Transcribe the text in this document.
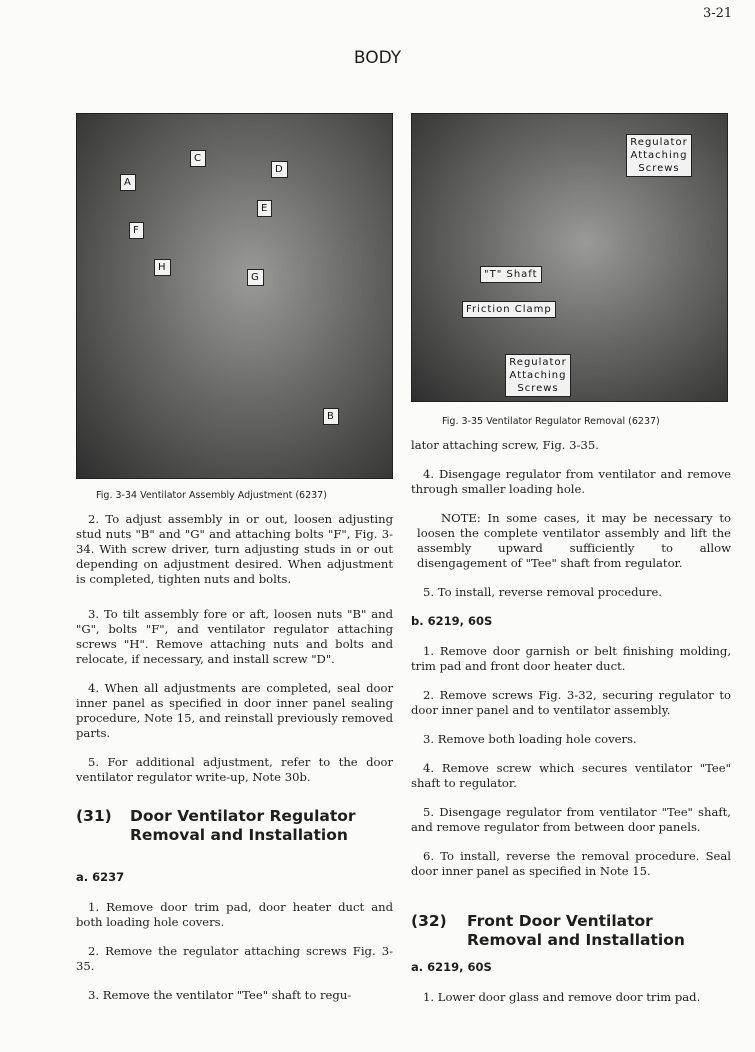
3-21
BODY
A
C
D
E
F
H
G
B
Fig. 3-34 Ventilator Assembly Adjustment (6237)
Regulator Attaching Screws
"T" Shaft
Friction Clamp
Regulator Attaching Screws
Fig. 3-35 Ventilator Regulator Removal (6237)

2. To adjust assembly in or out, loosen adjusting stud nuts "B" and "G" and attaching bolts "F", Fig. 3-34. With screw driver, turn adjusting studs in or out depending on adjustment desired. When adjustment is completed, tighten nuts and bolts.

3. To tilt assembly fore or aft, loosen nuts "B" and "G", bolts "F", and ventilator regulator attaching screws "H". Remove attaching nuts and bolts and relocate, if necessary, and install screw "D".

4. When all adjustments are completed, seal door inner panel as specified in door inner panel sealing procedure, Note 15, and reinstall previously removed parts.

5. For additional adjustment, refer to the door ventilator regulator write-up, Note 30b.

(31) Door Ventilator Regulator
Removal and Installation
a. 6237

1. Remove door trim pad, door heater duct and both loading hole covers.

2. Remove the regulator attaching screws Fig. 3-35.

3. Remove the ventilator "Tee" shaft to regu-

lator attaching screw, Fig. 3-35.

4. Disengage regulator from ventilator and remove through smaller loading hole.

NOTE: In some cases, it may be necessary to loosen the complete ventilator assembly and lift the assembly upward sufficiently to allow disengagement of "Tee" shaft from regulator.

5. To install, reverse removal procedure.

b. 6219, 60S

1. Remove door garnish or belt finishing molding, trim pad and front door heater duct.

2. Remove screws Fig. 3-32, securing regulator to door inner panel and to ventilator assembly.

3. Remove both loading hole covers.

4. Remove screw which secures ventilator "Tee" shaft to regulator.

5. Disengage regulator from ventilator "Tee" shaft, and remove regulator from between door panels.

6. To install, reverse the removal procedure. Seal door inner panel as specified in Note 15.

(32) Front Door Ventilator
Removal and Installation
a. 6219, 60S
1. Lower door glass and remove door trim pad.
